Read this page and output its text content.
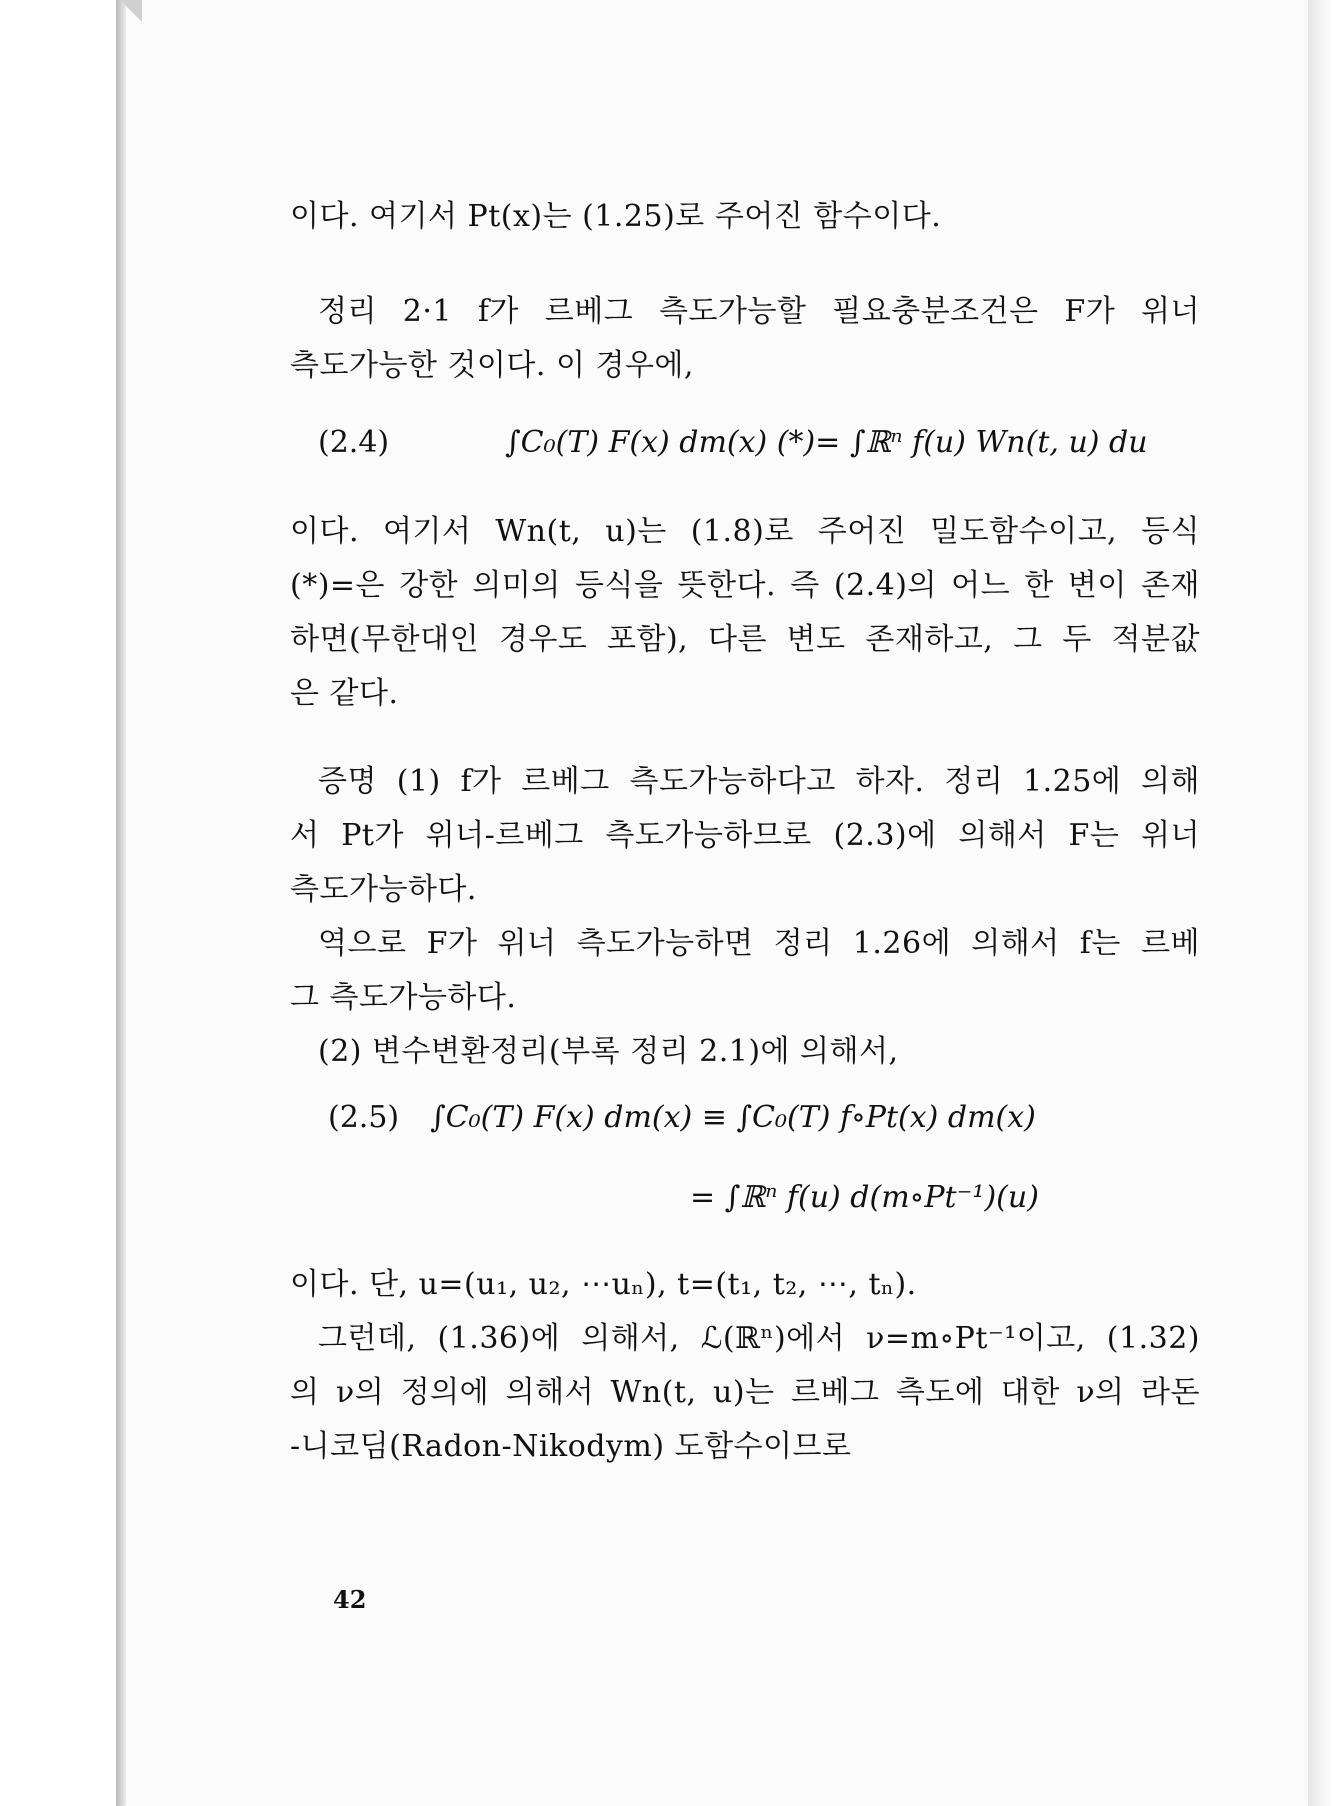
이다. 여기서 Pt(x)는 (1.25)로 주어진 함수이다.
정리 2·1 f가 르베그 측도가능할 필요충분조건은 F가 위너
측도가능한 것이다. 이 경우에,
(2.4)	∫C₀(T) F(x) dm(x) (*)= ∫ℝⁿ f(u) Wn(t, u) du
이다. 여기서 Wn(t, u)는 (1.8)로 주어진 밀도함수이고, 등식
(*)=은 강한 의미의 등식을 뜻한다. 즉 (2.4)의 어느 한 변이 존재
하면(무한대인 경우도 포함), 다른 변도 존재하고, 그 두 적분값
은 같다.
증명 (1) f가 르베그 측도가능하다고 하자. 정리 1.25에 의해
서 Pt가 위너-르베그 측도가능하므로 (2.3)에 의해서 F는 위너
측도가능하다.
역으로 F가 위너 측도가능하면 정리 1.26에 의해서 f는 르베
그 측도가능하다.
(2) 변수변환정리(부록 정리 2.1)에 의해서,
(2.5) ∫C₀(T) F(x) dm(x) ≡ ∫C₀(T) f∘Pt(x) dm(x)
= ∫ℝⁿ f(u) d(m∘Pt⁻¹)(u)
이다. 단, u=(u₁, u₂, ⋯uₙ), t=(t₁, t₂, ⋯, tₙ).
그런데, (1.36)에 의해서, ℒ(ℝⁿ)에서 ν=m∘Pt⁻¹이고, (1.32)
의 ν의 정의에 의해서 Wn(t, u)는 르베그 측도에 대한 ν의 라돈
-니코딤(Radon-Nikodym) 도함수이므로
42
